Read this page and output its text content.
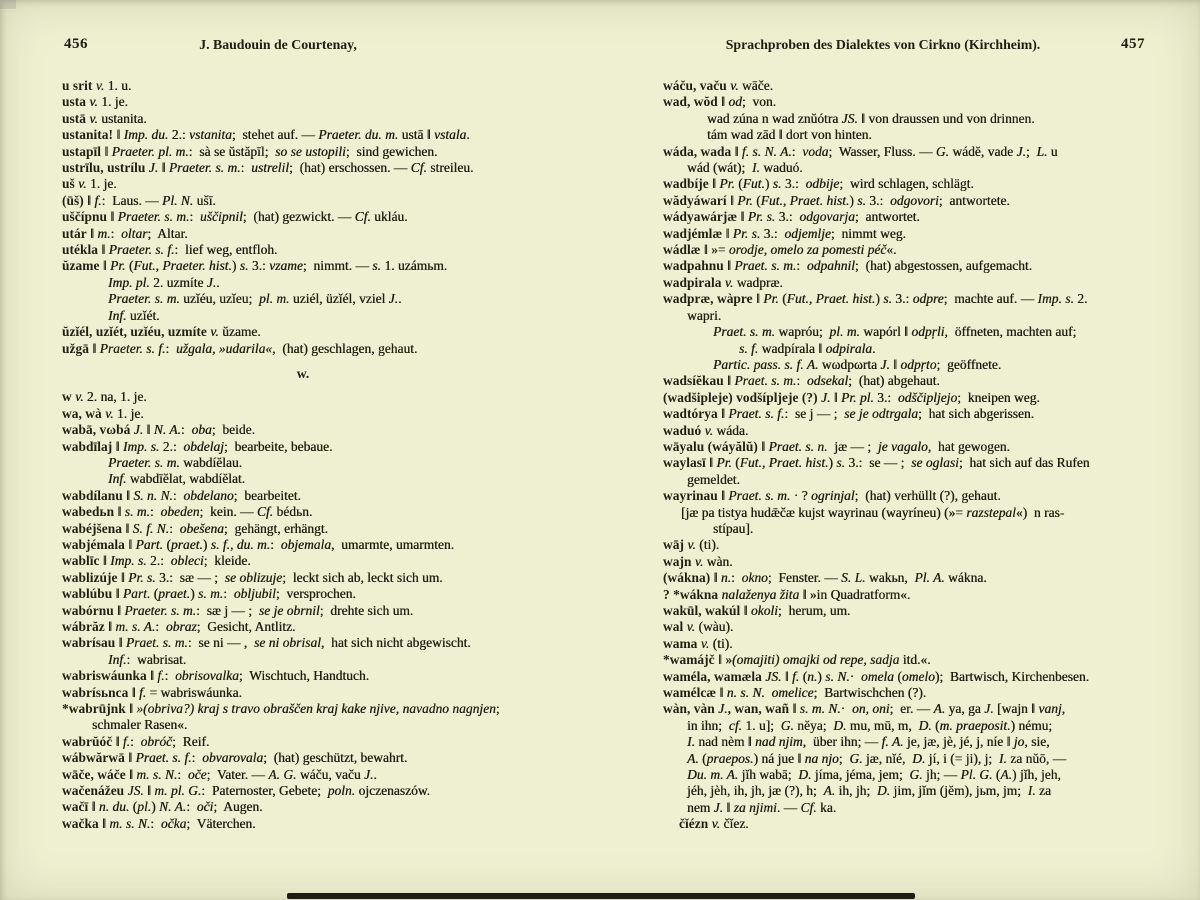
456	J. Baudouin de Courtenay,
u srit v. 1. u.
usta v. 1. je.
ustā v. ustanita.
ustanita! ‖ Imp. du. 2.: vstanita;  stehet auf. — Praeter. du. m. ustā ‖ vstala.
ustapīl ‖ Praeter. pl. m.:  sà se ŭstăpīl;  so se ustopili;  sind gewichen.
ustrīlu, ustrílu J. ‖ Praeter. s. m.:  ustrelil;  (hat) erschossen. — Cf. streileu.
uš v. 1. je.
(ūš) ‖ f.:  Laus. — Pl. N. ušī.
uščípnu ‖ Praeter. s. m.:  uščipnil;  (hat) gezwickt. — Cf. ukláu.
utár ‖ m.:  oltar;  Altar.
utékla ‖ Praeter. s. f.:  lief weg, entfloh.
ŭzame ‖ Pr. (Fut., Praeter. hist.) s. 3.: vzame;  nimmt. — s. 1. uzámьm.
Imp. pl. 2. uzmíte J..
Praeter. s. m. uzǐéu, uzǐeu;  pl. m. uziél, üzǐél, vziel J..
Inf. uzǐét.
ŭzǐél, uzǐét, uzǐéu, uzmíte v. ŭzame.
užgā ‖ Praeter. s. f.:  užgala, »udarila«,  (hat) geschlagen, gehaut.
w.
w v. 2. na, 1. je.
wa, wà v. 1. je.
wabā, vωbá J. ‖ N. A.:  oba;  beide.
wabdīlaj ‖ Imp. s. 2.:  obdelaj;  bearbeite, bebaue.
Praeter. s. m. wabdíĕlau.
Inf. wabdīĕlat, wabdíĕlat.
wabdílanu ‖ S. n. N.:  obdelano;  bearbeitet.
wabedьn ‖ s. m.:  obeden;  kein. — Cf. bédьn.
wabéjšena ‖ S. f. N.:  obešena;  gehängt, erhängt.
wabjémala ‖ Part. (praet.) s. f., du. m.:  objemala,  umarmte, umarmten.
wablīc ‖ Imp. s. 2.:  obleci;  kleide.
wablizúje ‖ Pr. s. 3.:  sæ — ;  se oblizuje;  leckt sich ab, leckt sich um.
wablúbu ‖ Part. (praet.) s. m.:  obljubil;  versprochen.
wabórnu ‖ Praeter. s. m.:  sæ j — ;  se je obrnil;  drehte sich um.
wábrăz ‖ m. s. A.:  obraz;  Gesicht, Antlitz.
wabrísau ‖ Praet. s. m.:  se ni — ,  se ni obrisal,  hat sich nicht abgewischt.
Inf.:  wabrisat.
wabriswáunka ‖ f.:  obrisovalka;  Wischtuch, Handtuch.
wabrísьnca ‖ f. = wabriswáunka.
*wabrūjnk ‖ »(obriva?) kraj s travo obraščen kraj kake njive, navadno nagnjen;
schmaler Rasen«.
wabrŭóč ‖ f.:  obróč;  Reif.
wábwărwā ‖ Praet. s. f.:  obvarovala;  (hat) geschützt, bewahrt.
wāče, wáče ‖ m. s. N.:  oče;  Vater. — A. G. wáču, vaču J..
wačenážeu JS. ‖ m. pl. G.:  Paternoster, Gebete;  poln. ojczenaszów.
wačī ‖ n. du. (pl.) N. A.:  oči;  Augen.
wačka ‖ m. s. N.:  očka;  Väterchen.
Sprachproben des Dialektes von Cirkno (Kirchheim).	457
wáču, vaču v. wāče.
wad, wŏd ‖ od;  von.
wad zúna n wad znŭótra JS. ‖ von draussen und von drinnen.
tám wad zād ‖ dort von hinten.
wáda, wada ‖ f. s. N. A.:  voda;  Wasser, Fluss. — G. wádĕ, vade J.;  L. u
wád (wát);  I. waduó.
wadbíje ‖ Pr. (Fut.) s. 3.:  odbije;  wird schlagen, schlägt.
wădyáwarí ‖ Pr. (Fut., Praet. hist.) s. 3.:  odgovori;  antwortete.
wádyawárjæ ‖ Pr. s. 3.:  odgovarja;  antwortet.
wadjémlæ ‖ Pr. s. 3.:  odjemlje;  nimmt weg.
wádlæ ‖ »= orodje, omelo za pomesti péč«.
wadpahnu ‖ Praet. s. m.:  odpahnil;  (hat) abgestossen, aufgemacht.
wadpirala v. wadpræ.
wadpræ, wàpre ‖ Pr. (Fut., Praet. hist.) s. 3.: odpre;  machte auf. — Imp. s. 2.
wapri.
Praet. s. m. wapróu;  pl. m. wapórl ‖ odpŗli,  öffneten, machten auf;
s. f. wadpírala ‖ odpirala.
Partic. pass. s. f. A. wωdpωrta J. ‖ odpŗto;  geöffnete.
wadsíĕkau ‖ Praet. s. m.:  odsekal;  (hat) abgehaut.
(wadšipleje) vodšípljeje (?) J. ‖ Pr. pl. 3.:  odščipljejo;  kneipen weg.
wadtórya ‖ Praet. s. f.:  se j — ;  se je odtrgala;  hat sich abgerissen.
waduó v. wáda.
wāyalu (wáyălŭ) ‖ Praet. s. n.  jæ — ;  je vagalo,  hat gewogen.
waylasī ‖ Pr. (Fut., Praet. hist.) s. 3.:  se — ;  se oglasi;  hat sich auf das Rufen
gemeldet.
wayrinau ‖ Praet. s. m. · ? ogrinjal;  (hat) verhüllt (?), gehaut.
[jæ pa tistya hudǣčæ kujst wayrinau (wayríneu) (»= razstepal«)  n ras-
stípau].
wāj v. (ti).
wajn v. wàn.
(wákna) ‖ n.:  okno;  Fenster. — S. L. wakьn,  Pl. A. wákna.
? *wákna nalaženya žita ‖ »in Quadratform«.
wakūl, wakúl ‖ okoli;  herum, um.
wal v. (wàu).
wama v. (ti).
*wamájč ‖ »(omajiti) omajki od repe, sadja itd.«.
waméla, wamæla JS. ‖ f. (n.) s. N.·  omela (omelo);  Bartwisch, Kirchenbesen.
wamélcæ ‖ n. s. N. omelice;  Bartwischchen (?).
wàn, vàn J., wan, wañ ‖ s. m. N.·  on, oni;  er. — A. ya, ga J. [wajn ‖ vanj,
in ihn;  cf. 1. u];  G. nĕya;  D. mu, mū, m,  D. (m. praeposit.) nému;
I. nad nèm ‖ nad njim,  über ihn; — f. A. je, jæ, jè, jé, j, níe ‖ jo, sie,
A. (praepos.) ná jue ‖ na njo;  G. jæ, nǐé,  D. jí, i (= ji), j;  I. za nŭō, —
Du. m. A. jǐh wabā;  D. jíma, jéma, jem;  G. jh; — Pl. G. (A.) jǐh, jeh,
jéh, jèh, ih, jh, jæ (?), h;  A. ih, jh;  D. jim, jǐm (jĕm), jьm, jm;  I. za
nem J. ‖ za njimi. — Cf. ka.
čǐézn v. čǐez.
